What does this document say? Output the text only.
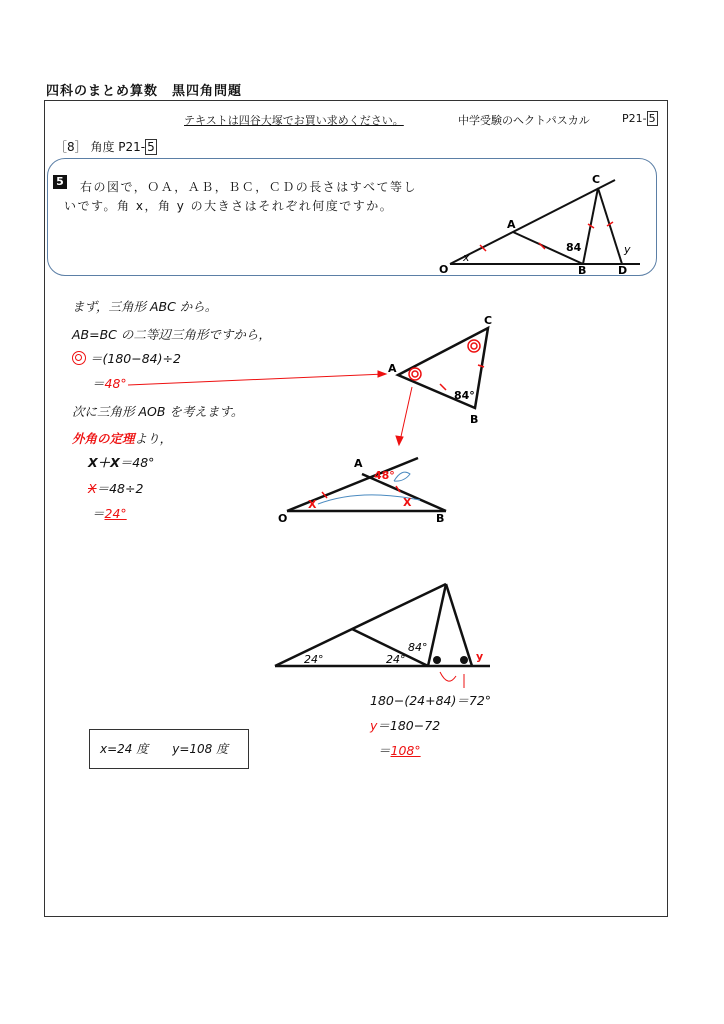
四科のまとめ算数　黒四角問題
テキストは四谷大塚でお買い求めください。	中学受験のヘクトパスカル	P21- 5
［8］ 角度 P21- 5
5 右の図で，ＯＡ，ＡＢ，ＢＣ，ＣＤの長さはすべて等し
いです。角 x，角 y の大きさはそれぞれ何度ですか。
まず，三角形 ABC から。
AB=BC の二等辺三角形ですから，
＝(180−84)÷2
＝48°
次に三角形 AOB を考えます。
外角の定理より，
X＋X＝48°
X＝48÷2
＝24°
180−(24+84)＝72°
y＝180−72
＝108°
x=24 度　　y=108 度
O
A
B
C
D
84
x
y
A
B
C
84°
A
O	B
48°
X	X
24°	24°
84°
y
